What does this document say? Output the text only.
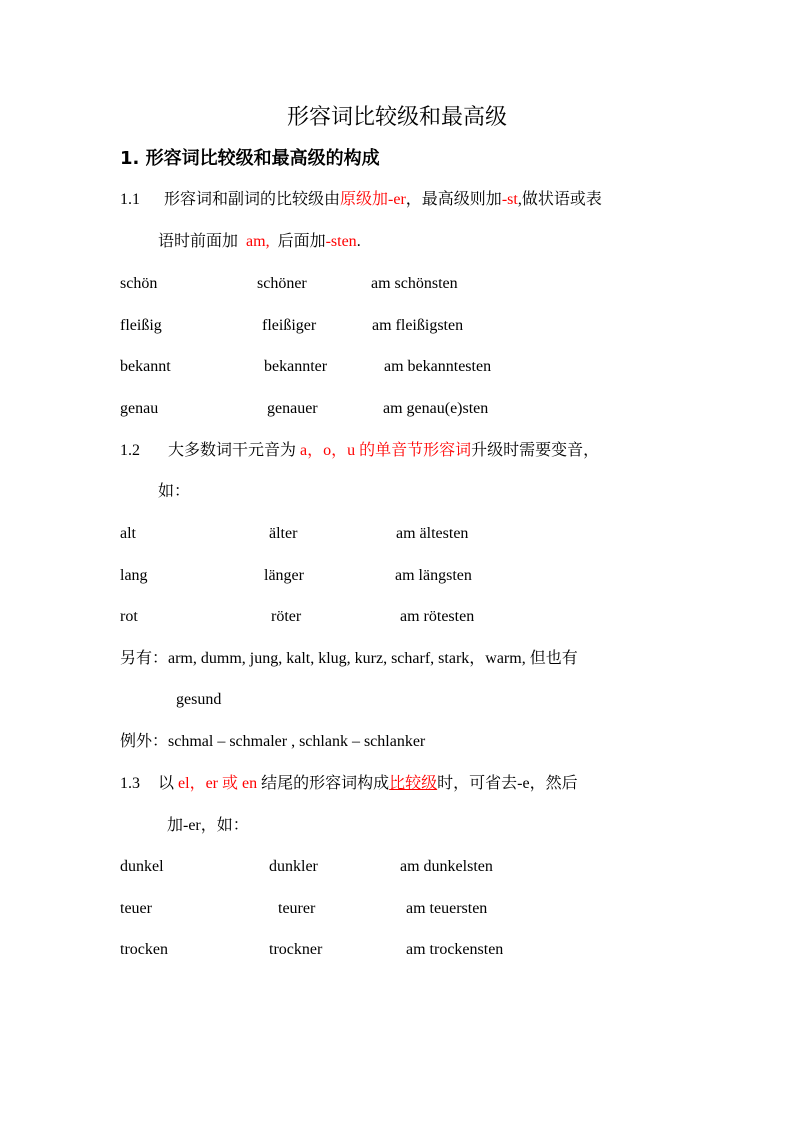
形容词比较级和最高级
1. 形容词比较级和最高级的构成
1.1 形容词和副词的比较级由原级加-er，最高级则加-st,做状语或表
语时前面加  am,  后面加-sten.
schön	schöner	am schönsten
fleißig	fleißiger	am fleißigsten
bekannt	bekannter	am bekanntesten
genau	genauer	am genau(e)sten
1.2 大多数词干元音为 a，o，u 的单音节形容词升级时需要变音，
如：
alt	älter	am ältesten
lang	länger	am längsten
rot	röter	am rötesten
另有：arm, dumm, jung, kalt, klug, kurz, scharf, stark，warm, 但也有
gesund
例外：schmal – schmaler , schlank – schlanker
1.3 以 el，er 或 en 结尾的形容词构成比较级时，可省去-e，然后
加-er，如：
dunkel	dunkler	am dunkelsten
teuer	teurer	am teuersten
trocken	trockner	am trockensten
